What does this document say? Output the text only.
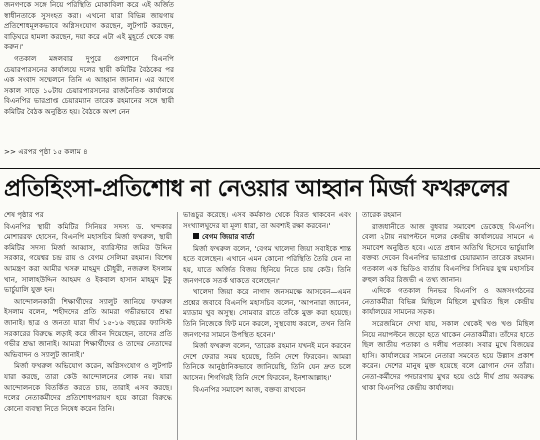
জনগণকে সঙ্গে নিয়ে পরিস্থিতি মোকাবিলা করে এই অর্জিত স্বাধীনতাকে সুসংহত করা। এখনো যারা বিভিন্ন জায়গায় প্রতিশোধমূলকভাবে অগ্নিসংযোগ করছেন, লুটপাট করছেন, বাড়িঘরে হামলা করছেন, দয়া করে এটা এই মুহূর্তে থেকে বন্ধ করুন।'

গতকাল মঙ্গলবার দুপুরে গুলশানে বিএনপি চেয়ারপারসনের কার্যালয়ে দলের স্থায়ী কমিটির বৈঠকের পর এক সংবাদ সম্মেলনে তিনি এ আহ্বান জানান। এর আগে সকাল সাড়ে ১০টায় চেয়ারপারসনের রাজনৈতিক কার্যালয়ে বিএনপির ভারপ্রাপ্ত চেয়ারম্যান তারেক রহমানের সঙ্গে স্থায়ী কমিটির বৈঠক অনুষ্ঠিত হয়। বৈঠকে অংশ নেন

>> এরপর পৃষ্ঠা ১৫ কলাম ৪
প্রতিহিংসা-প্রতিশোধ না নেওয়ার আহ্বান মির্জা ফখরুলের

শেষ পৃষ্ঠার পর

বিএনপির স্থায়ী কমিটির সিনিয়র সদস্য ড. খন্দকার মোশাররফ হোসেন, বিএনপি মহাসচিব মির্জা ফখরুল, স্থায়ী কমিটির সদস্য মির্জা আব্বাস, ব্যারিস্টার জমির উদ্দিন সরকার, গয়েশ্বর চন্দ্র রায় ও বেগম সেলিমা রহমান। বিশেষ আমন্ত্রণ করা আমীর খসরু মাহমুদ চৌধুরী, নজরুল ইসলাম খান, সালাহউদ্দিন আহমদ ও ইকবাল হাসান মাহমুদ টুকু ভার্চুয়ালি যুক্ত হন।

আন্দোলনকারী শিক্ষার্থীদের স্যালুট জানিয়ে ফখরুল ইসলাম বলেন, 'শহীদদের প্রতি আমরা গভীরভাবে শ্রদ্ধা জানাই। ছাত্র ও জনতা যারা দীর্ঘ ১৫-১৬ বছরের ফ্যাসিস্ট সরকারের বিরুদ্ধে লড়াই করে জীবন দিয়েছেন, তাদের প্রতি গভীর শ্রদ্ধা জানাই। আমরা শিক্ষার্থীদের ও তাদের নেতাদের অভিবাদন ও স্যালুট জানাই।'

মির্জা ফখরুল অভিযোগ করেন, অগ্নিসংযোগ ও লুটপাট যারা করছে, তারা কেউ আন্দোলনের লোক নয়। যারা আন্দোলনকে বিতর্কিত করতে চায়, তারাই এসব করছে। দলের নেতাকর্মীদের প্রতিশোধপরায়ণ হয়ে কারো বিরুদ্ধে কোনো ব্যবস্থা নিতে নিষেধ করেন তিনি।

ভাঙচুর করেছে। এসব কর্মকাণ্ড থেকে বিরত থাকবেন এবং সংখ্যালঘুদের যা মূল্য ধারা, তা অবশ্যই রক্ষা করবেন।'

বেগম জিয়ার বার্তা

মির্জা ফখরুল বলেন, 'বেগম খালেদা জিয়া সবাইকে শান্ত হতে বলেছেন। এখানে এমন কোনো পরিস্থিতি তৈরি যেন না হয়, যাতে অর্জিত বিজয় ছিনিয়ে নিতে চায় কেউ। তিনি জনগণকে সতর্ক থাকতে বলেছেন।'

খালেদা জিয়া করে নাগাদ জনসমক্ষে আসবেন—এমন প্রশ্নের জবাবে বিএনপি মহাসচিব বলেন, 'আপনারা জানেন, ম্যাডাম খুব অসুস্থ। সোমবার রাতে তাঁকে মুক্ত করা হয়েছে। তিনি নিজেকে ফিট মনে করলে, সুস্থবোধ করলে, তখন তিনি জনগণের সামনে উপস্থিত হবেন।'

মির্জা ফখরুল বলেন, 'তারেক রহমান যখনই মনে করবেন দেশে ফেরার সময় হয়েছে, তিনি দেশে ফিরবেন। আমরা তিনিকে আনুষ্ঠানিকভাবে জানিয়েছি, তিনি যেন দ্রুত চলে আসেন। শিগগিরই তিনি দেশে ফিরবেন, ইনশাআল্লাহ।'

বিএনপির সমাবেশ আজ, বক্তব্য রাখবেন

তারেক রহমান

রাজধানীতে আজ বুধবার সমাবেশ ডেকেছে বিএনপি। বেলা ২টায় নয়াপল্টনে দলের কেন্দ্রীয় কার্যালয়ের সামনে এ সমাবেশ অনুষ্ঠিত হবে। এতে প্রধান অতিথি হিসেবে ভার্চুয়ালি বক্তব্য দেবেন বিএনপির ভারপ্রাপ্ত চেয়ারম্যান তারেক রহমান। গতকাল এক ভিডিও বার্তায় বিএনপির সিনিয়র যুগ্ম মহাসচিব রুহুল কবির রিজভী এ তথ্য জানান।

এদিকে গতকাল দিনভর বিএনপি ও অঙ্গসংগঠনের নেতাকর্মীরা বিভিন্ন মিছিলে মিছিলে মুখরিত ছিল কেন্দ্রীয় কার্যালয়ের সামনের সড়ক।

সরেজমিনে দেখা যায়, সকাল থেকেই খণ্ড খণ্ড মিছিল নিয়ে নয়াপল্টনে জড়ো হতে থাকেন নেতাকর্মীরা। তাঁদের হাতে ছিল জাতীয় পতাকা ও দলীয় পতাকা। সবার মুখে বিজয়ের হাসি। কার্যালয়ের সামনে নেতারা সমবেত হয়ে উল্লাস প্রকাশ করেন। দেশের মানুষ মুক্ত হয়েছে বলে স্লোগান দেন তাঁরা। নেতা-কর্মীদের পদচারণায় মুখর হয়ে ওঠে দীর্ঘ প্রায় অবরুদ্ধ থাকা বিএনপির কেন্দ্রীয় কার্যালয়।
